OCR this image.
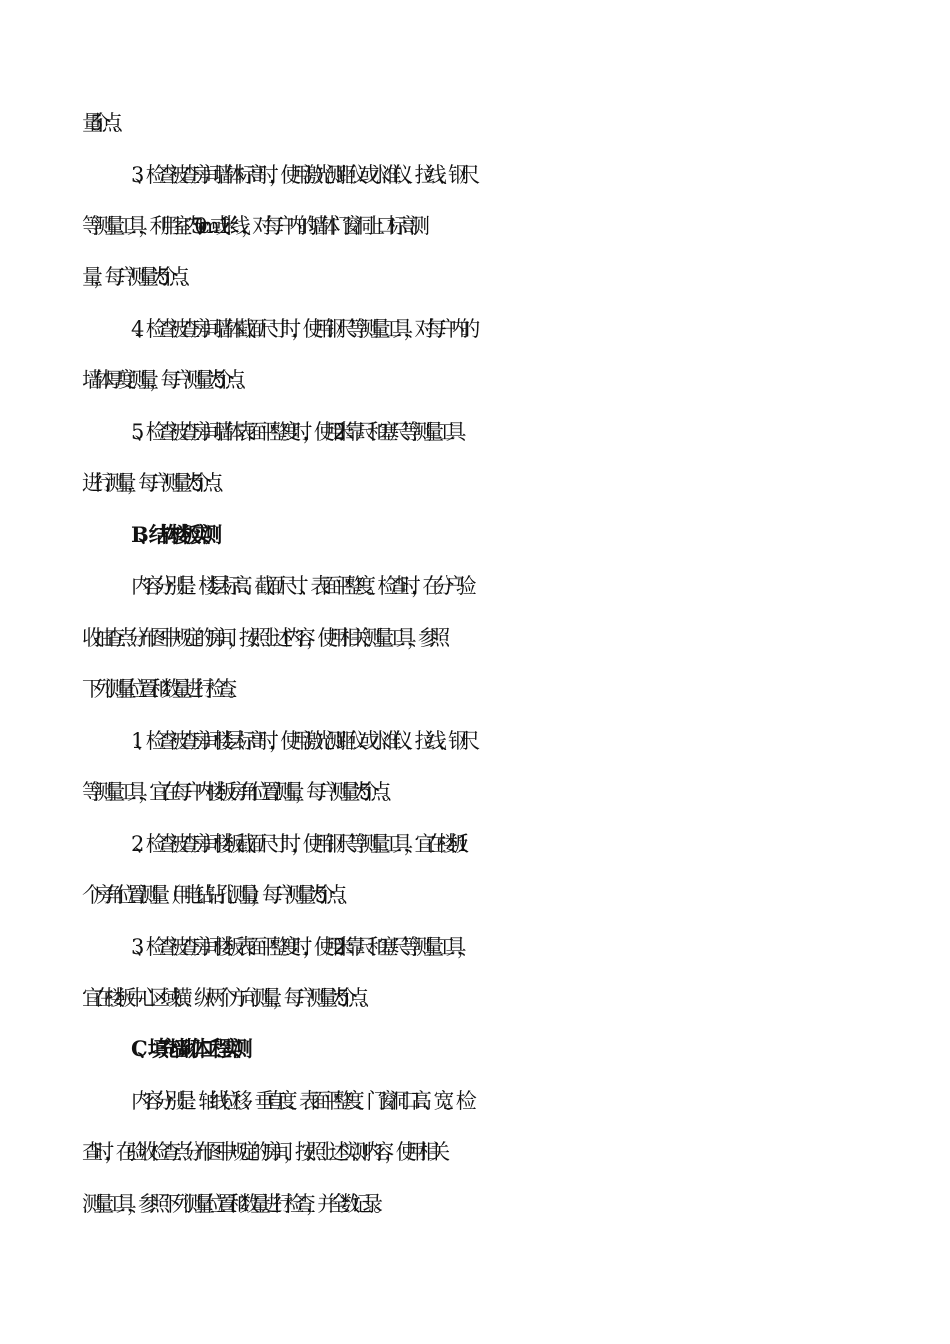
量 5 个点。
3、检查被查房间墙体标高时，使用激光测距仪或水准仪、拉线、钢尺
等测量工具，利用室内 50cm或 1 米线，对每户内的墙体门窗洞上口标高测
量，每户测量为 5 个点。
4、检查被查房间墙体截面尺寸时，使用钢尺等测量工具，对每户内的
墙体厚度测量，每户测量为 5 个点。
5、检查被查房间墙体表面平整度时，使用 2 米靠尺和塞尺等测量工具
进行测量，每户测量为 5 个点。
B、结构楼板实测
内容分别是：楼层标高、截面尺寸、表面平整度。检查时，在分户验
收抽查点分布图中规定的房间，按照上述内容，使用相关测量工具，参照
下列测量位置和数量进行检查。
1、检查被查房间楼层标高时，使用激光测距仪或水准仪、拉线、钢尺
等测量工具，宜在每户内楼板房角位置测量，每户测量为 5 个点。
2、检查被查房间楼板截面尺寸时，使用钢尺等测量工具，宜在楼板 1
个房角位置测量（用电钻钻孔测量），每户测量为 5 个点。
3、检查被查房间楼板表面平整度时，使用 2 米靠尺和塞尺等测量工具，
宜在楼板中心区域横、纵两个方向测量，每户测量为 5 个点。
C、填充墙砌体工程实测
内容分别是：轴线位移、垂直度、表面平整度、门窗洞口高、宽。检
查时，在验收检查点分布图中规定的房间，按照上述实测内容，使用相关
测量工具，参照下列测量位置和数量进行检查，并全数记录。
